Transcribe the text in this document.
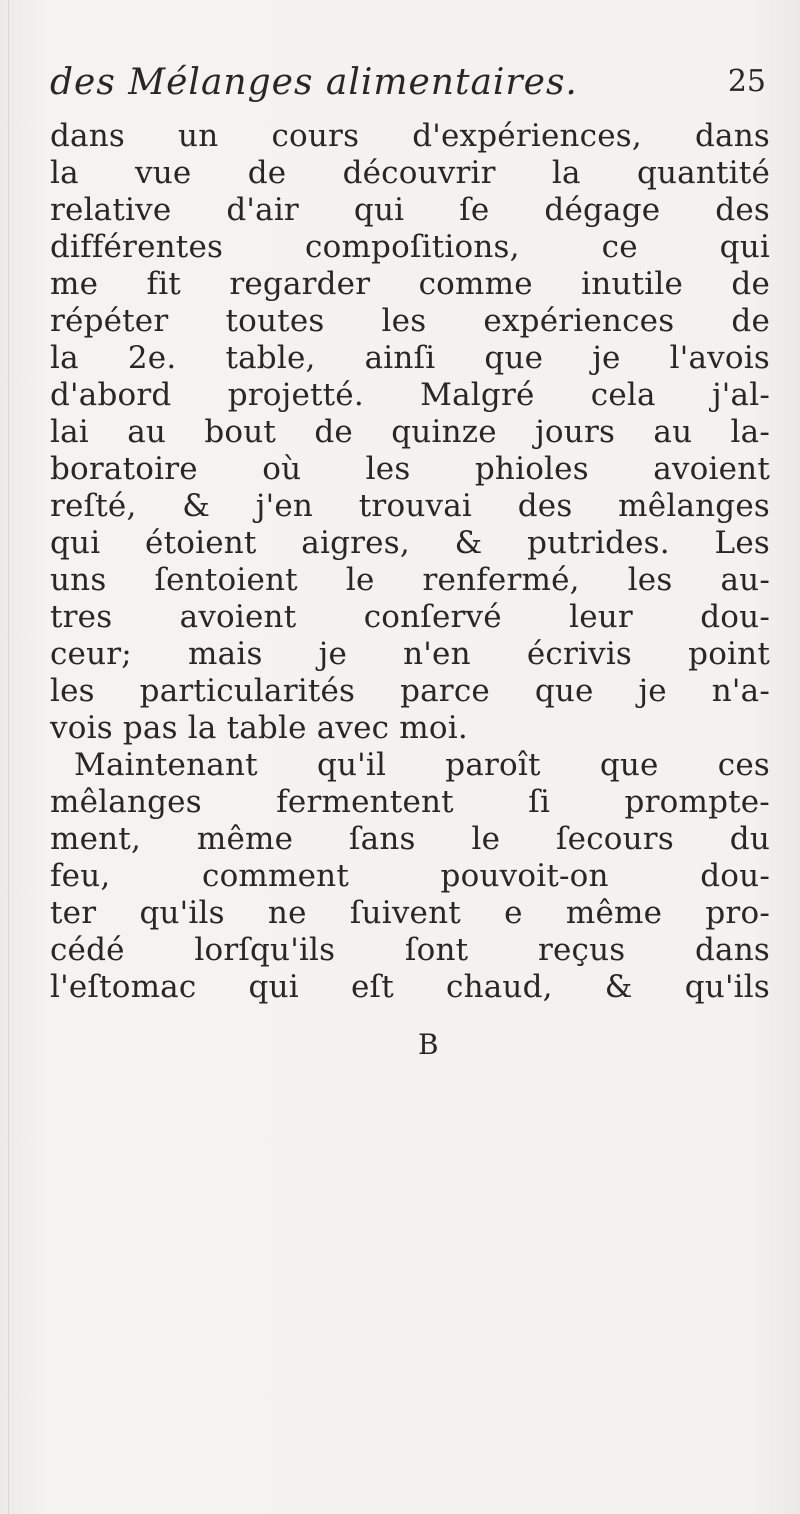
des Mélanges alimentaires.	25
dans un cours d'expériences, dans
la vue de découvrir la quantité
relative d'air qui ſe dégage des
différentes compoſitions, ce qui
me fit regarder comme inutile de
répéter toutes les expériences de
la 2e. table, ainſi que je l'avois
d'abord projetté. Malgré cela j'al-
lai au bout de quinze jours au la-
boratoire où les phioles avoient
reſté, & j'en trouvai des mêlanges
qui étoient aigres, & putrides. Les
uns ſentoient le renfermé, les au-
tres avoient conſervé leur dou-
ceur; mais je n'en écrivis point
les particularités parce que je n'a-
vois pas la table avec moi.
Maintenant qu'il paroît que ces
mêlanges fermentent ſi prompte-
ment, même ſans le ſecours du
feu, comment pouvoit-on dou-
ter qu'ils ne ſuivent e même pro-
cédé lorſqu'ils ſont reçus dans
l'eſtomac qui eſt chaud, & qu'ils
B
